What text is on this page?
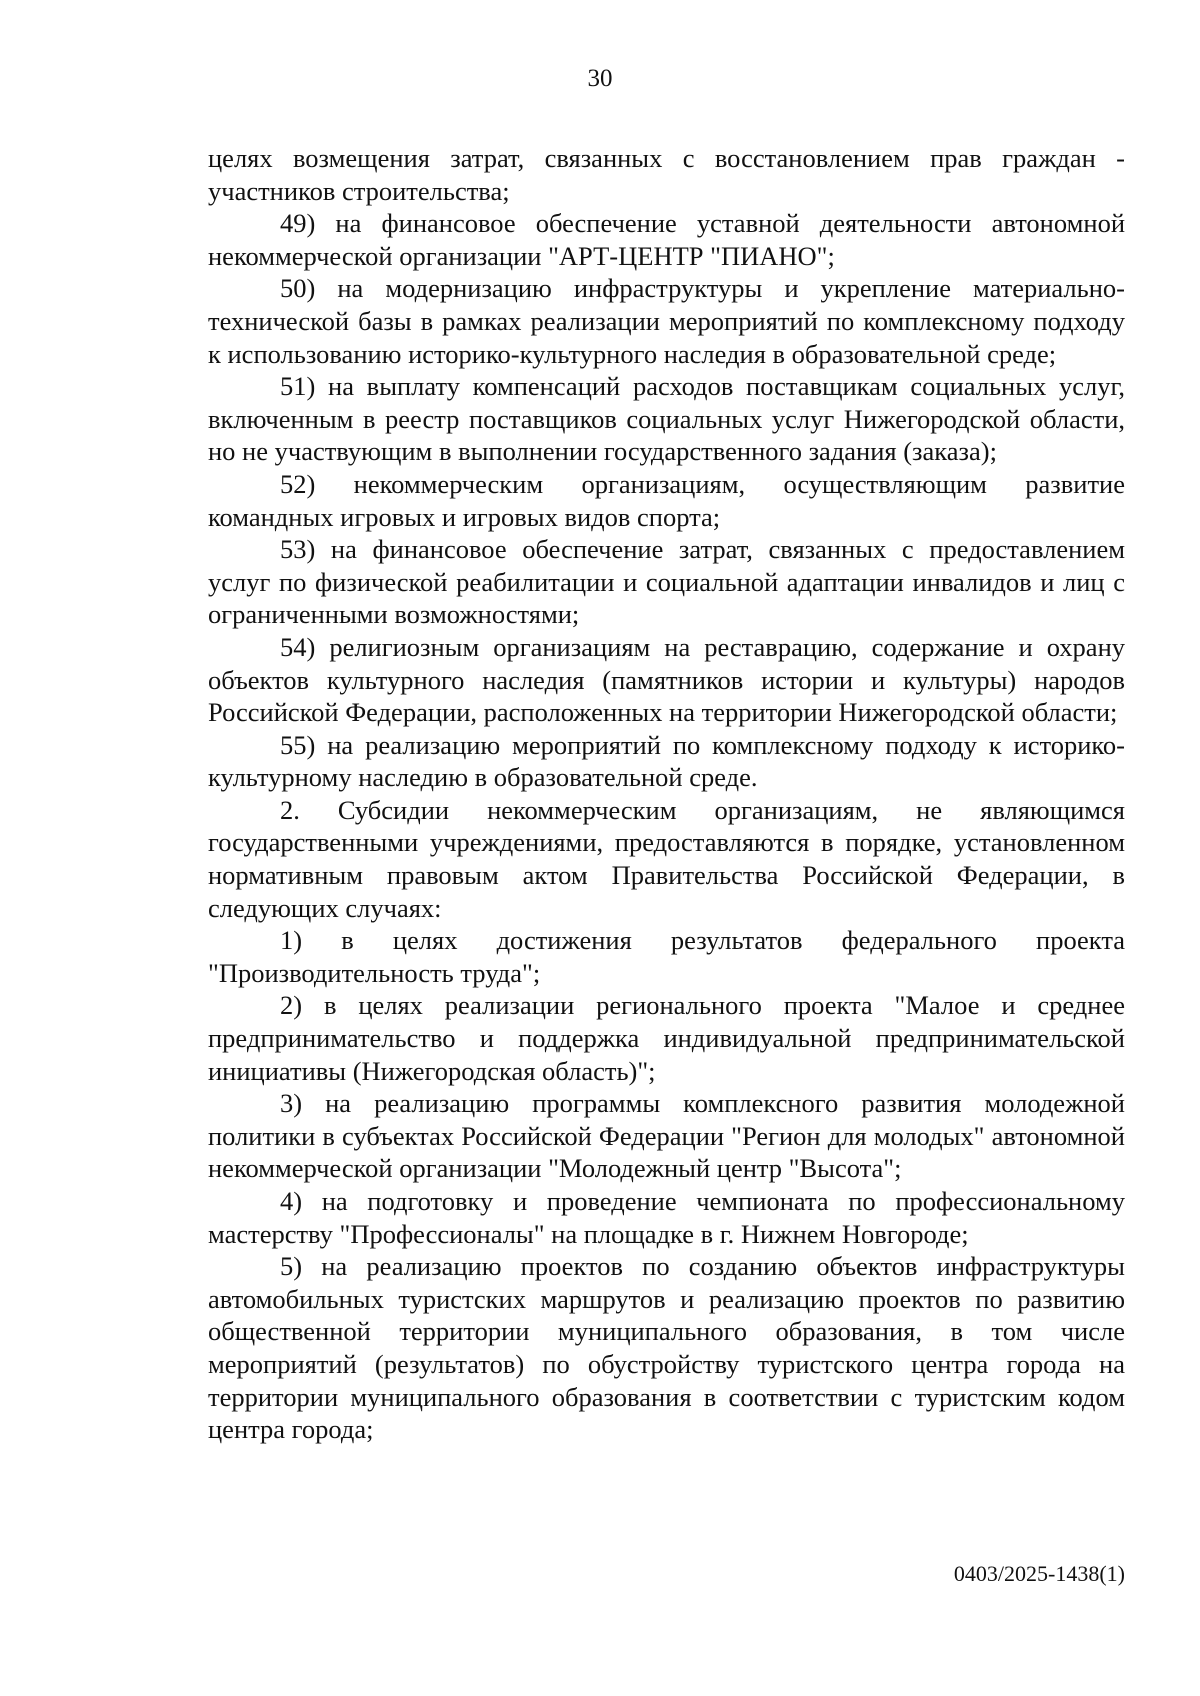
30

целях возмещения затрат, связанных с восстановлением прав граждан - участников строительства;

49) на финансовое обеспечение уставной деятельности автономной некоммерческой организации "АРТ-ЦЕНТР "ПИАНО";

50) на модернизацию инфраструктуры и укрепление материально-технической базы в рамках реализации мероприятий по комплексному подходу к использованию историко-культурного наследия в образовательной среде;

51) на выплату компенсаций расходов поставщикам социальных услуг, включенным в реестр поставщиков социальных услуг Нижегородской области, но не участвующим в выполнении государственного задания (заказа);

52) некоммерческим организациям, осуществляющим развитие командных игровых и игровых видов спорта;

53) на финансовое обеспечение затрат, связанных с предоставлением услуг по физической реабилитации и социальной адаптации инвалидов и лиц с ограниченными возможностями;

54) религиозным организациям на реставрацию, содержание и охрану объектов культурного наследия (памятников истории и культуры) народов Российской Федерации, расположенных на территории Нижегородской области;

55) на реализацию мероприятий по комплексному подходу к историко-культурному наследию в образовательной среде.

2. Субсидии некоммерческим организациям, не являющимся государственными учреждениями, предоставляются в порядке, установленном нормативным правовым актом Правительства Российской Федерации, в следующих случаях:

1) в целях достижения результатов федерального проекта "Производительность труда";

2) в целях реализации регионального проекта "Малое и среднее предпринимательство и поддержка индивидуальной предпринимательской инициативы (Нижегородская область)";

3) на реализацию программы комплексного развития молодежной политики в субъектах Российской Федерации "Регион для молодых" автономной некоммерческой организации "Молодежный центр "Высота";

4) на подготовку и проведение чемпионата по профессиональному мастерству "Профессионалы" на площадке в г. Нижнем Новгороде;

5) на реализацию проектов по созданию объектов инфраструктуры автомобильных туристских маршрутов и реализацию проектов по развитию общественной территории муниципального образования, в том числе мероприятий (результатов) по обустройству туристского центра города на территории муниципального образования в соответствии с туристским кодом центра города;

0403/2025-1438(1)
